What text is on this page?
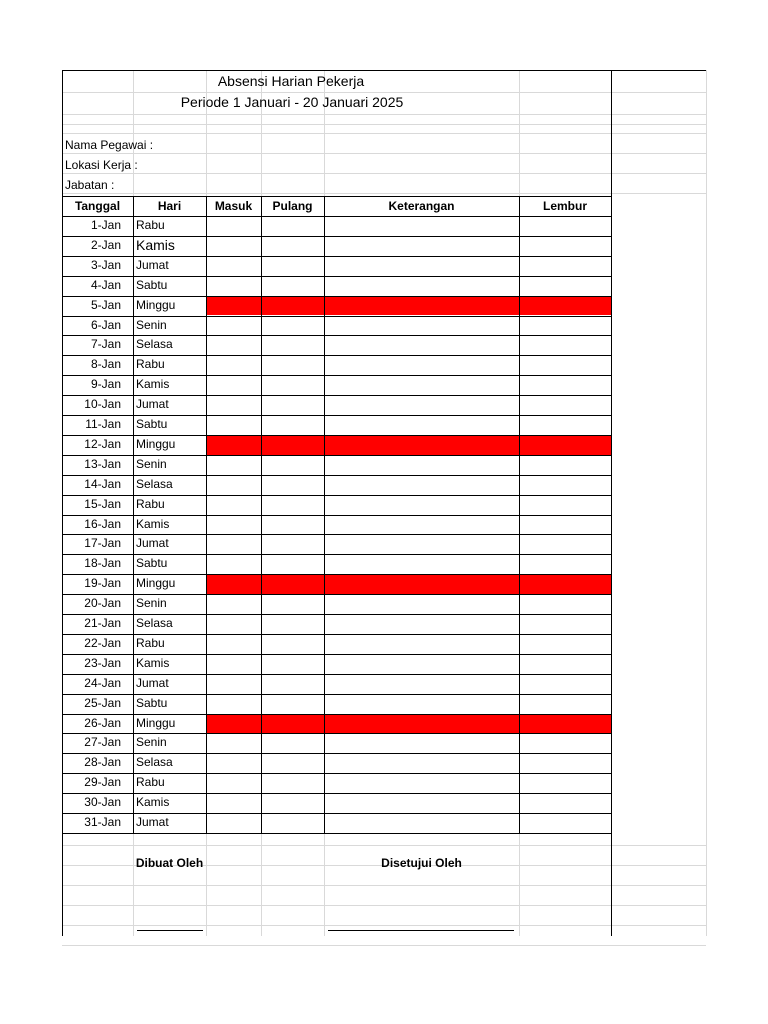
Absensi Harian Pekerja
Periode 1 Januari - 20 Januari 2025
Nama Pegawai :
Lokasi Kerja :
Jabatan :
Tanggal	Hari	Masuk	Pulang	Keterangan	Lembur
1-Jan Rabu
2-Jan Kamis
3-Jan Jumat
4-Jan Sabtu
5-Jan Minggu
6-Jan Senin
7-Jan Selasa
8-Jan Rabu
9-Jan Kamis
10-Jan Jumat
11-Jan Sabtu
12-Jan Minggu
13-Jan Senin
14-Jan Selasa
15-Jan Rabu
16-Jan Kamis
17-Jan Jumat
18-Jan Sabtu
19-Jan Minggu
20-Jan Senin
21-Jan Selasa
22-Jan Rabu
23-Jan Kamis
24-Jan Jumat
25-Jan Sabtu
26-Jan Minggu
27-Jan Senin
28-Jan Selasa
29-Jan Rabu
30-Jan Kamis
31-Jan Jumat
Dibuat Oleh	Disetujui Oleh
